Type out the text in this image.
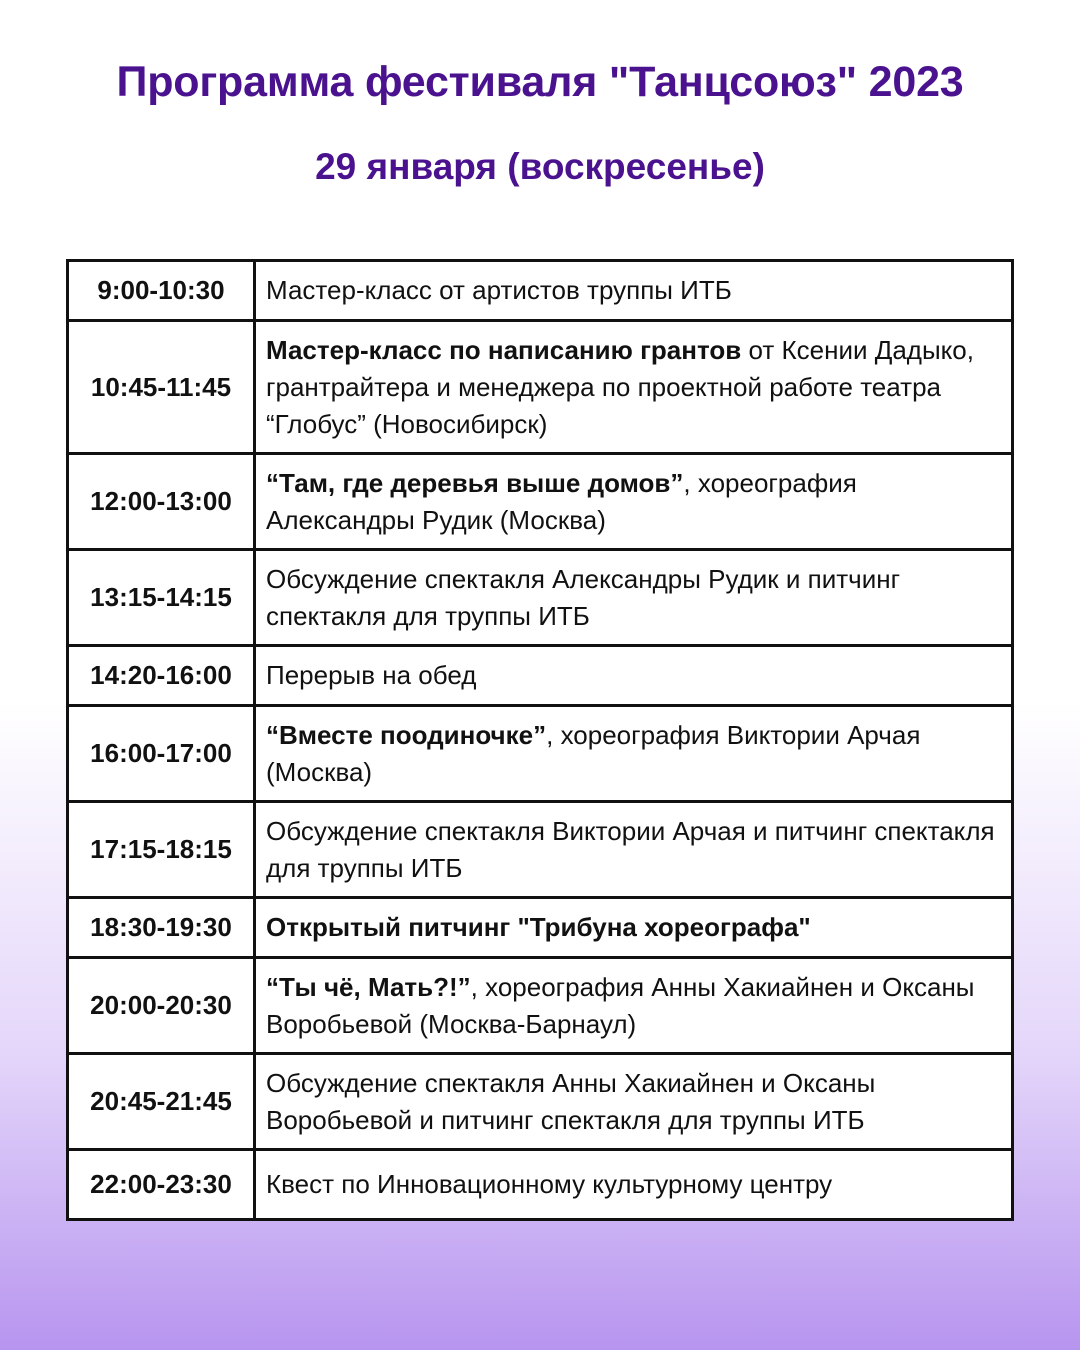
Программа фестиваля "Танцсоюз" 2023
29 января (воскресенье)
9:00-10:30	Мастер-класс от артистов труппы ИТБ
10:45-11:45	Мастер-класс по написанию грантов от Ксении Дадыко, грантрайтера и менеджера по проектной работе театра “Глобус” (Новосибирск)
12:00-13:00	“Там, где деревья выше домов”, хореография Александры Рудик (Москва)
13:15-14:15	Обсуждение спектакля Александры Рудик и питчинг спектакля для труппы ИТБ
14:20-16:00	Перерыв на обед
16:00-17:00	“Вместе поодиночке”, хореография Виктории Арчая (Москва)
17:15-18:15	Обсуждение спектакля Виктории Арчая и питчинг спектакля для труппы ИТБ
18:30-19:30	Открытый питчинг "Трибуна хореографа"
20:00-20:30	“Ты чё, Мать?!”, хореография Анны Хакиайнен и Оксаны Воробьевой (Москва-Барнаул)
20:45-21:45	Обсуждение спектакля Анны Хакиайнен и Оксаны Воробьевой и питчинг спектакля для труппы ИТБ
22:00-23:30	Квест по Инновационному культурному центру
